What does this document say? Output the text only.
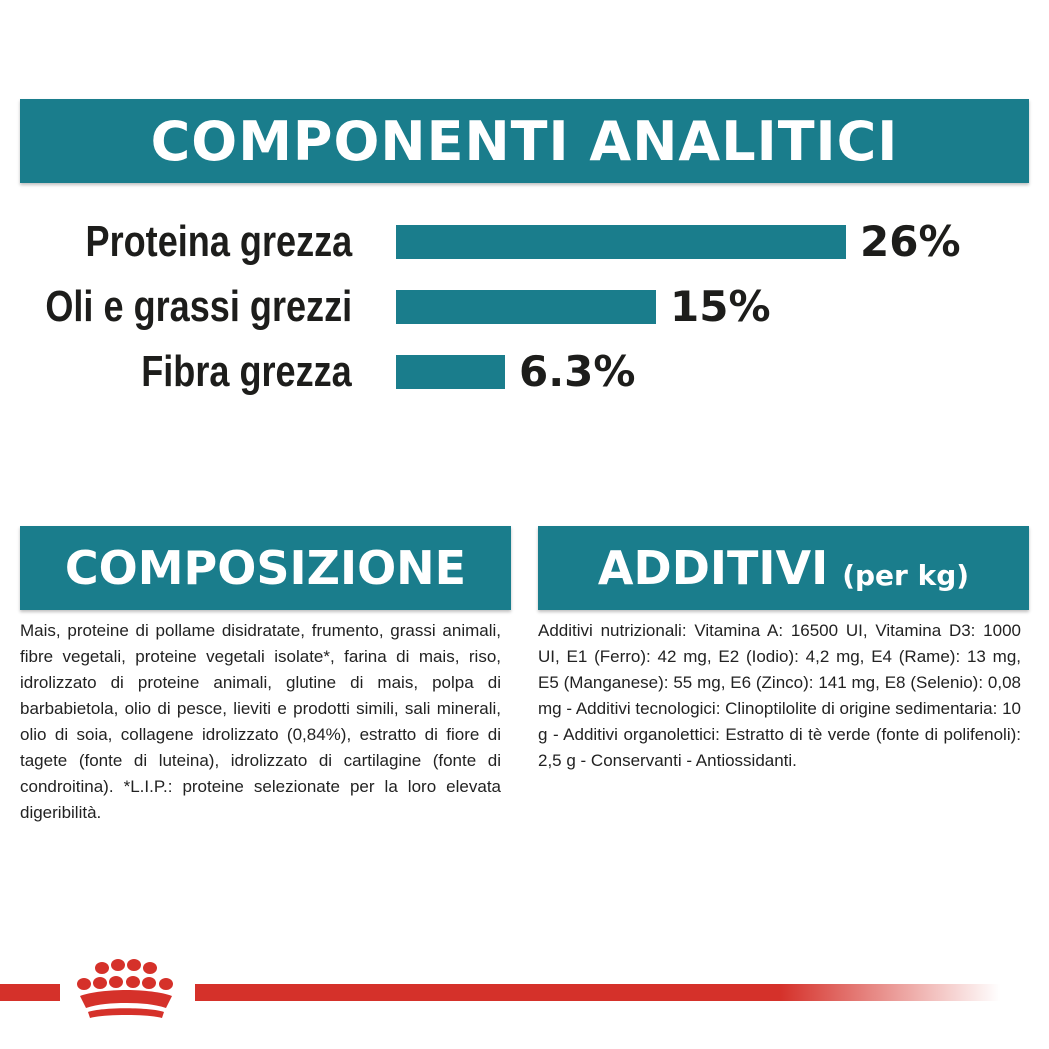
COMPONENTI ANALITICI
Proteina grezza	26%
Oli e grassi grezzi	15%
Fibra grezza	6.3%
COMPOSIZIONE
Mais, proteine di pollame disidratate, frumento, grassi animali, fibre vegetali, proteine vegetali isolate*, farina di mais, riso, idrolizzato di proteine animali, glutine di mais, polpa di barbabietola, olio di pesce, lieviti e prodotti simili, sali minerali, olio di soia, collagene idrolizzato (0,84%), estratto di fiore di tagete (fonte di luteina), idrolizzato di cartilagine (fonte di condroitina). *L.I.P.: proteine selezionate per la loro elevata digeribilità.
ADDITIVI (per kg)
Additivi nutrizionali: Vitamina A: 16500 UI, Vitamina D3: 1000 UI, E1 (Ferro): 42 mg, E2 (Iodio): 4,2 mg, E4 (Rame): 13 mg, E5 (Manganese): 55 mg, E6 (Zinco): 141 mg, E8 (Selenio): 0,08 mg - Additivi tecnologici: Clinoptilolite di origine sedimentaria: 10 g - Additivi organolettici: Estratto di tè verde (fonte di polifenoli): 2,5 g - Conservanti - Antiossidanti.
